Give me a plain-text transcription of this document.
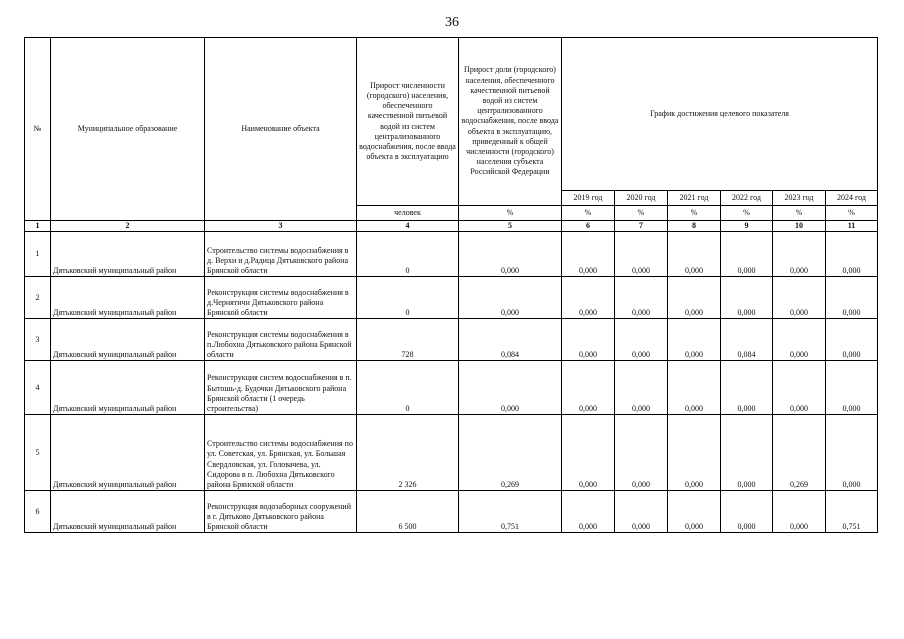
36
№	Муниципальное образование	Наименование объекта	Прирост численности (городского) населения, обеспеченного качественной питьевой водой из систем централизованного водоснабжения, после ввода объекта в эксплуатацию	Прирост доли (городского) населения, обеспеченного качественной питьевой водой из систем централизованного водоснабжения, после ввода объекта в эксплуатацию, приведенный к общей численности (городского) населения субъекта Российской Федерации	График достижения целевого показателя					
					2019 год	2020 год	2021 год	2022 год	2023 год	2024 год
			человек	%	%	%	%	%	%	%
1	2	3	4	5	6	7	8	9	10	11
1	Дятьковский муниципальный район	Строительство системы водоснабжения в д. Верхи и д.Радица Дятьковского района Брянской области	0	0,000	0,000	0,000	0,000	0,000	0,000	0,000
2	Дятьковский муниципальный район	Реконструкция системы водоснабжения в д.Чернятичи Дятьковского района Брянской области	0	0,000	0,000	0,000	0,000	0,000	0,000	0,000
3	Дятьковский муниципальный район	Реконструкция системы водоснабжения в п.Любохна Дятьковского района Брянской области	728	0,084	0,000	0,000	0,000	0,084	0,000	0,000
4	Дятьковский муниципальный район	Реконструкция систем водоснабжения в п. Бытошь-д. Будочки Дятьковского района Брянской области (1 очередь строительства)	0	0,000	0,000	0,000	0,000	0,000	0,000	0,000
5	Дятьковский муниципальный район	Строительство системы водоснабжения по ул. Советская, ул. Брянская, ул. Большая Свердловская, ул. Головачева, ул. Сидорова в п. Любохна Дятьковского района Брянской области	2 326	0,269	0,000	0,000	0,000	0,000	0,269	0,000
6	Дятьковский муниципальный район	Реконструкция водозаборных сооружений в г. Дятьково Дятьковского района Брянской области	6 500	0,751	0,000	0,000	0,000	0,000	0,000	0,751
